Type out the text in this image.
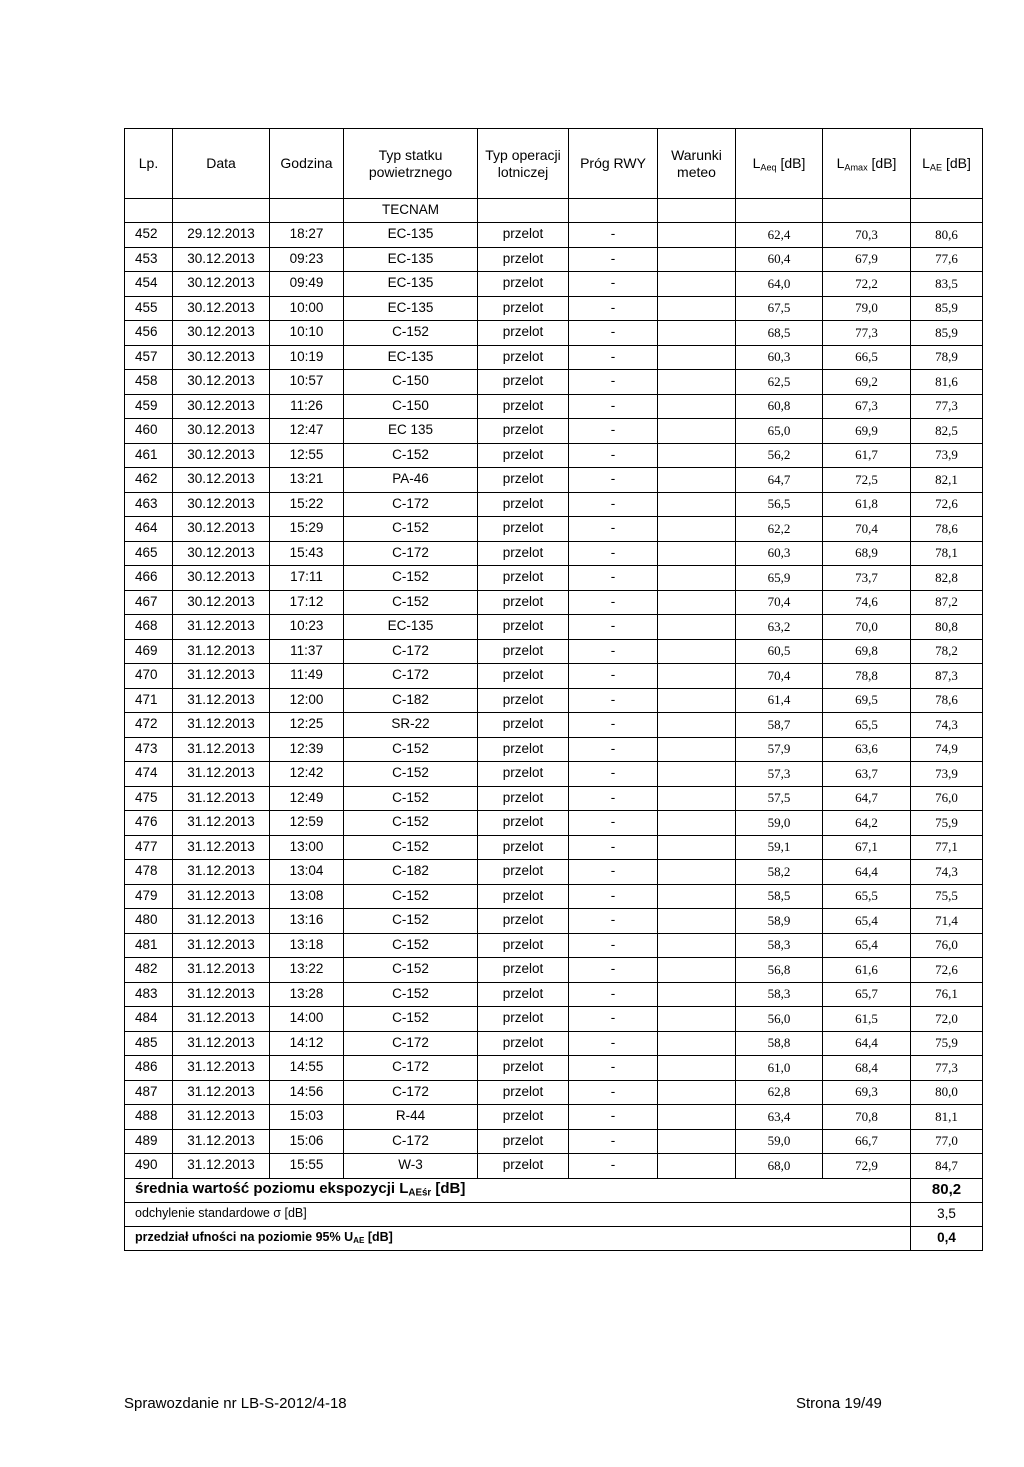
Lp.	Data	Godzina	Typ statku powietrznego	Typ operacji lotniczej	Próg RWY	Warunki meteo	$L_{Aeq}$ [dB]	$L_{Amax}$ [dB]	$L_{AE}$ [dB]
			TECNAM						
452	29.12.2013	18:27	EC-135	przelot	-		62,4	70,3	80,6
453	30.12.2013	09:23	EC-135	przelot	-		60,4	67,9	77,6
454	30.12.2013	09:49	EC-135	przelot	-		64,0	72,2	83,5
455	30.12.2013	10:00	EC-135	przelot	-		67,5	79,0	85,9
456	30.12.2013	10:10	C-152	przelot	-		68,5	77,3	85,9
457	30.12.2013	10:19	EC-135	przelot	-		60,3	66,5	78,9
458	30.12.2013	10:57	C-150	przelot	-		62,5	69,2	81,6
459	30.12.2013	11:26	C-150	przelot	-		60,8	67,3	77,3
460	30.12.2013	12:47	EC 135	przelot	-		65,0	69,9	82,5
461	30.12.2013	12:55	C-152	przelot	-		56,2	61,7	73,9
462	30.12.2013	13:21	PA-46	przelot	-		64,7	72,5	82,1
463	30.12.2013	15:22	C-172	przelot	-		56,5	61,8	72,6
464	30.12.2013	15:29	C-152	przelot	-		62,2	70,4	78,6
465	30.12.2013	15:43	C-172	przelot	-		60,3	68,9	78,1
466	30.12.2013	17:11	C-152	przelot	-		65,9	73,7	82,8
467	30.12.2013	17:12	C-152	przelot	-		70,4	74,6	87,2
468	31.12.2013	10:23	EC-135	przelot	-		63,2	70,0	80,8
469	31.12.2013	11:37	C-172	przelot	-		60,5	69,8	78,2
470	31.12.2013	11:49	C-172	przelot	-		70,4	78,8	87,3
471	31.12.2013	12:00	C-182	przelot	-		61,4	69,5	78,6
472	31.12.2013	12:25	SR-22	przelot	-		58,7	65,5	74,3
473	31.12.2013	12:39	C-152	przelot	-		57,9	63,6	74,9
474	31.12.2013	12:42	C-152	przelot	-		57,3	63,7	73,9
475	31.12.2013	12:49	C-152	przelot	-		57,5	64,7	76,0
476	31.12.2013	12:59	C-152	przelot	-		59,0	64,2	75,9
477	31.12.2013	13:00	C-152	przelot	-		59,1	67,1	77,1
478	31.12.2013	13:04	C-182	przelot	-		58,2	64,4	74,3
479	31.12.2013	13:08	C-152	przelot	-		58,5	65,5	75,5
480	31.12.2013	13:16	C-152	przelot	-		58,9	65,4	71,4
481	31.12.2013	13:18	C-152	przelot	-		58,3	65,4	76,0
482	31.12.2013	13:22	C-152	przelot	-		56,8	61,6	72,6
483	31.12.2013	13:28	C-152	przelot	-		58,3	65,7	76,1
484	31.12.2013	14:00	C-152	przelot	-		56,0	61,5	72,0
485	31.12.2013	14:12	C-172	przelot	-		58,8	64,4	75,9
486	31.12.2013	14:55	C-172	przelot	-		61,0	68,4	77,3
487	31.12.2013	14:56	C-172	przelot	-		62,8	69,3	80,0
488	31.12.2013	15:03	R-44	przelot	-		63,4	70,8	81,1
489	31.12.2013	15:06	C-172	przelot	-		59,0	66,7	77,0
490	31.12.2013	15:55	W-3	przelot	-		68,0	72,9	84,7
średnia wartość poziomu ekspozycji $L_{AEśr}$ [dB]									80,2
odchylenie standardowe σ [dB]									3,5
przedział ufności na poziomie 95% $U_{AE}$ [dB]									0,4
Sprawozdanie nr LB-S-2012/4-18	Strona 19/49
